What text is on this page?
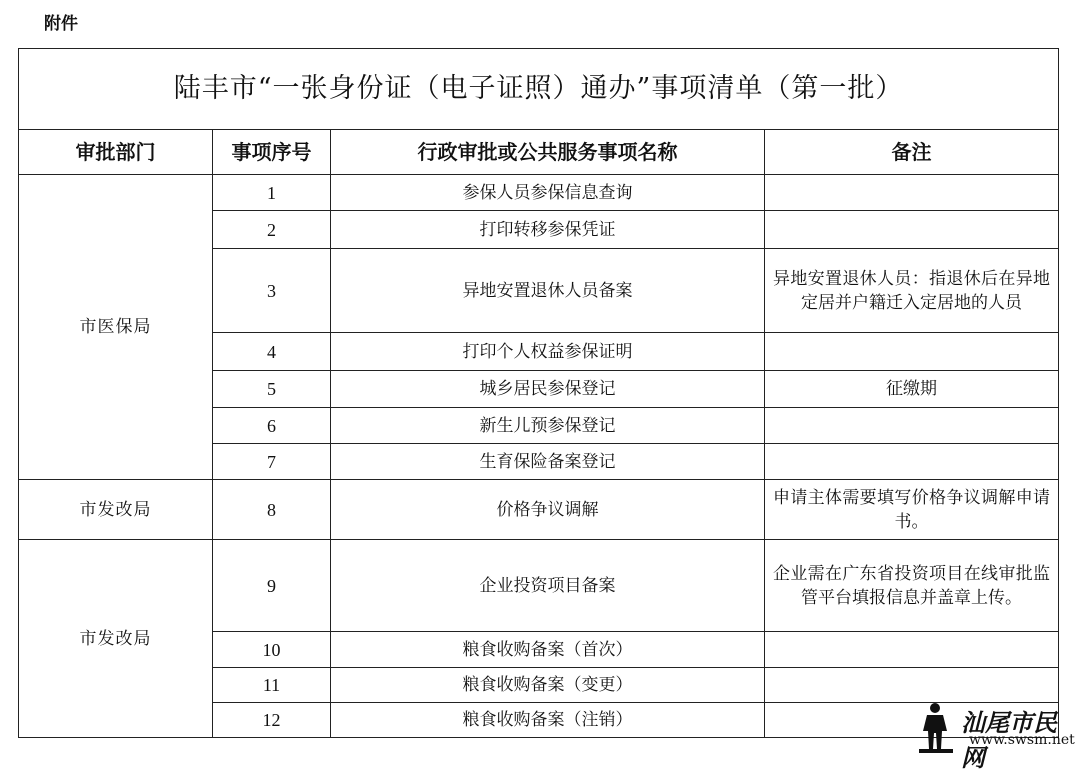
附件
陆丰市“一张身份证（电子证照）通办”事项清单（第一批）			
审批部门	事项序号	行政审批或公共服务事项名称	备注
市医保局	1	参保人员参保信息查询	
	2	打印转移参保凭证	
	3	异地安置退休人员备案	异地安置退休人员：指退休后在异地定居并户籍迁入定居地的人员
	4	打印个人权益参保证明	
	5	城乡居民参保登记	征缴期
	6	新生儿预参保登记	
	7	生育保险备案登记	
市发改局	8	价格争议调解	申请主体需要填写价格争议调解申请书。
市发改局	9	企业投资项目备案	企业需在广东省投资项目在线审批监管平台填报信息并盖章上传。
	10	粮食收购备案（首次）	
	11	粮食收购备案（变更）	
	12	粮食收购备案（注销）		汕尾市民网
www.swsm.net
